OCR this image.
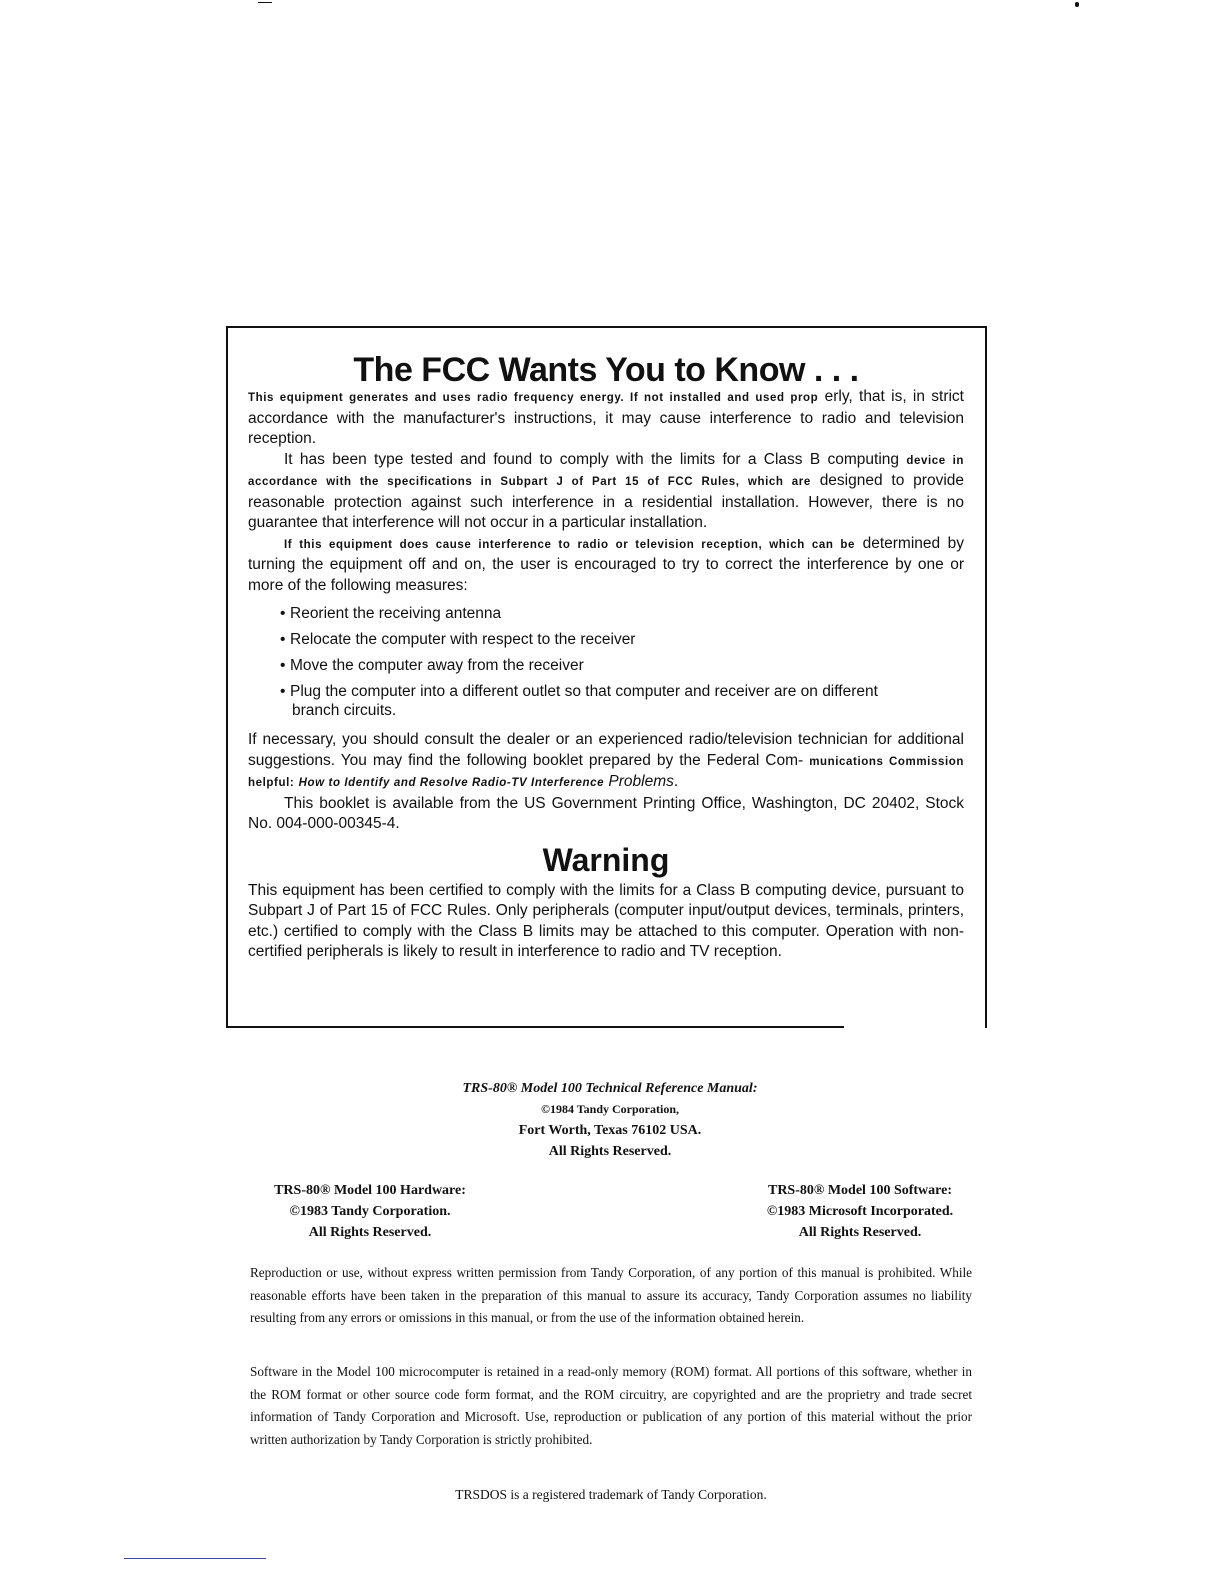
The FCC Wants You to Know . . .

This equipment generates and uses radio frequency energy. If not installed and used prop erly, that is, in strict accordance with the manufacturer's instructions, it may cause interference to radio and television reception.

It has been type tested and found to comply with the limits for a Class B computing device in accordance with the specifications in Subpart J of Part 15 of FCC Rules, which are designed to provide reasonable protection against such interference in a residential installation. However, there is no guarantee that interference will not occur in a particular installation.

If this equipment does cause interference to radio or television reception, which can be determined by turning the equipment off and on, the user is encouraged to try to correct the interference by one or more of the following measures:

• Reorient the receiving antenna
• Relocate the computer with respect to the receiver
• Move the computer away from the receiver
• Plug the computer into a different outlet so that computer and receiver are on different
branch circuits.

If necessary, you should consult the dealer or an experienced radio/television technician for additional suggestions. You may find the following booklet prepared by the Federal Com- munications Commission helpful: How to Identify and Resolve Radio-TV Interference Problems.

This booklet is available from the US Government Printing Office, Washington, DC 20402, Stock No. 004-000-00345-4.

Warning

This equipment has been certified to comply with the limits for a Class B computing device, pursuant to Subpart J of Part 15 of FCC Rules. Only peripherals (computer input/output devices, terminals, printers, etc.) certified to comply with the Class B limits may be attached to this computer. Operation with non-certified peripherals is likely to result in interference to radio and TV reception.

TRS-80® Model 100 Technical Reference Manual:
©1984 Tandy Corporation,
Fort Worth, Texas 76102 USA.
All Rights Reserved.
TRS-80® Model 100 Hardware:
©1983 Tandy Corporation.
All Rights Reserved.
TRS-80® Model 100 Software:
©1983 Microsoft Incorporated.
All Rights Reserved.

Reproduction or use, without express written permission from Tandy Corporation, of any portion of this manual is prohibited. While reasonable efforts have been taken in the preparation of this manual to assure its accuracy, Tandy Corporation assumes no liability resulting from any errors or omissions in this manual, or from the use of the information obtained herein.

Software in the Model 100 microcomputer is retained in a read-only memory (ROM) format. All portions of this software, whether in the ROM format or other source code form format, and the ROM circuitry, are copyrighted and are the proprietry and trade secret information of Tandy Corporation and Microsoft. Use, reproduction or publication of any portion of this material without the prior written authorization by Tandy Corporation is strictly prohibited.

TRSDOS is a registered trademark of Tandy Corporation.
